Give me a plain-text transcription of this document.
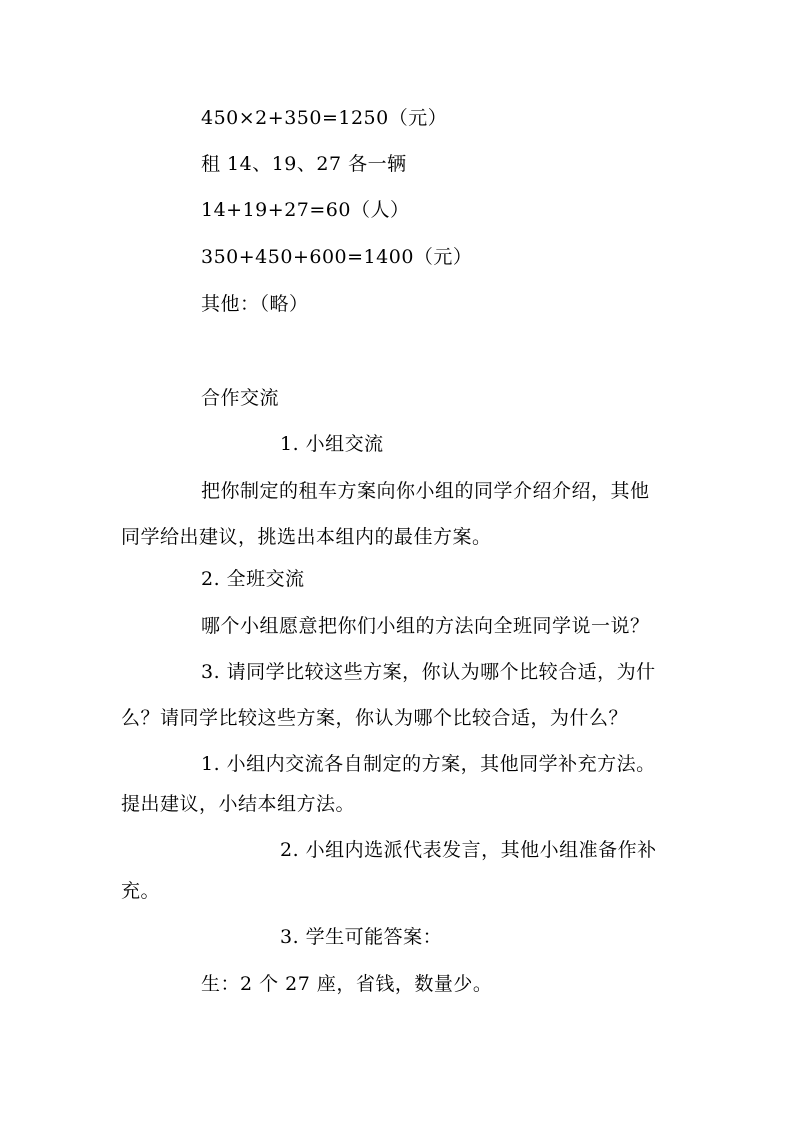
450×2+350=1250（元）

租 14、19、27 各一辆

14+19+27=60（人）

350+450+600=1400（元）

其他：（略）

合作交流

1. 小组交流

把你制定的租车方案向你小组的同学介绍介绍，其他

同学给出建议，挑选出本组内的最佳方案。

2. 全班交流

哪个小组愿意把你们小组的方法向全班同学说一说？

3. 请同学比较这些方案，你认为哪个比较合适，为什

么？请同学比较这些方案，你认为哪个比较合适，为什么？

1. 小组内交流各自制定的方案，其他同学补充方法。

提出建议，小结本组方法。

2. 小组内选派代表发言，其他小组准备作补

充。

3. 学生可能答案：

生：2 个 27 座，省钱，数量少。
